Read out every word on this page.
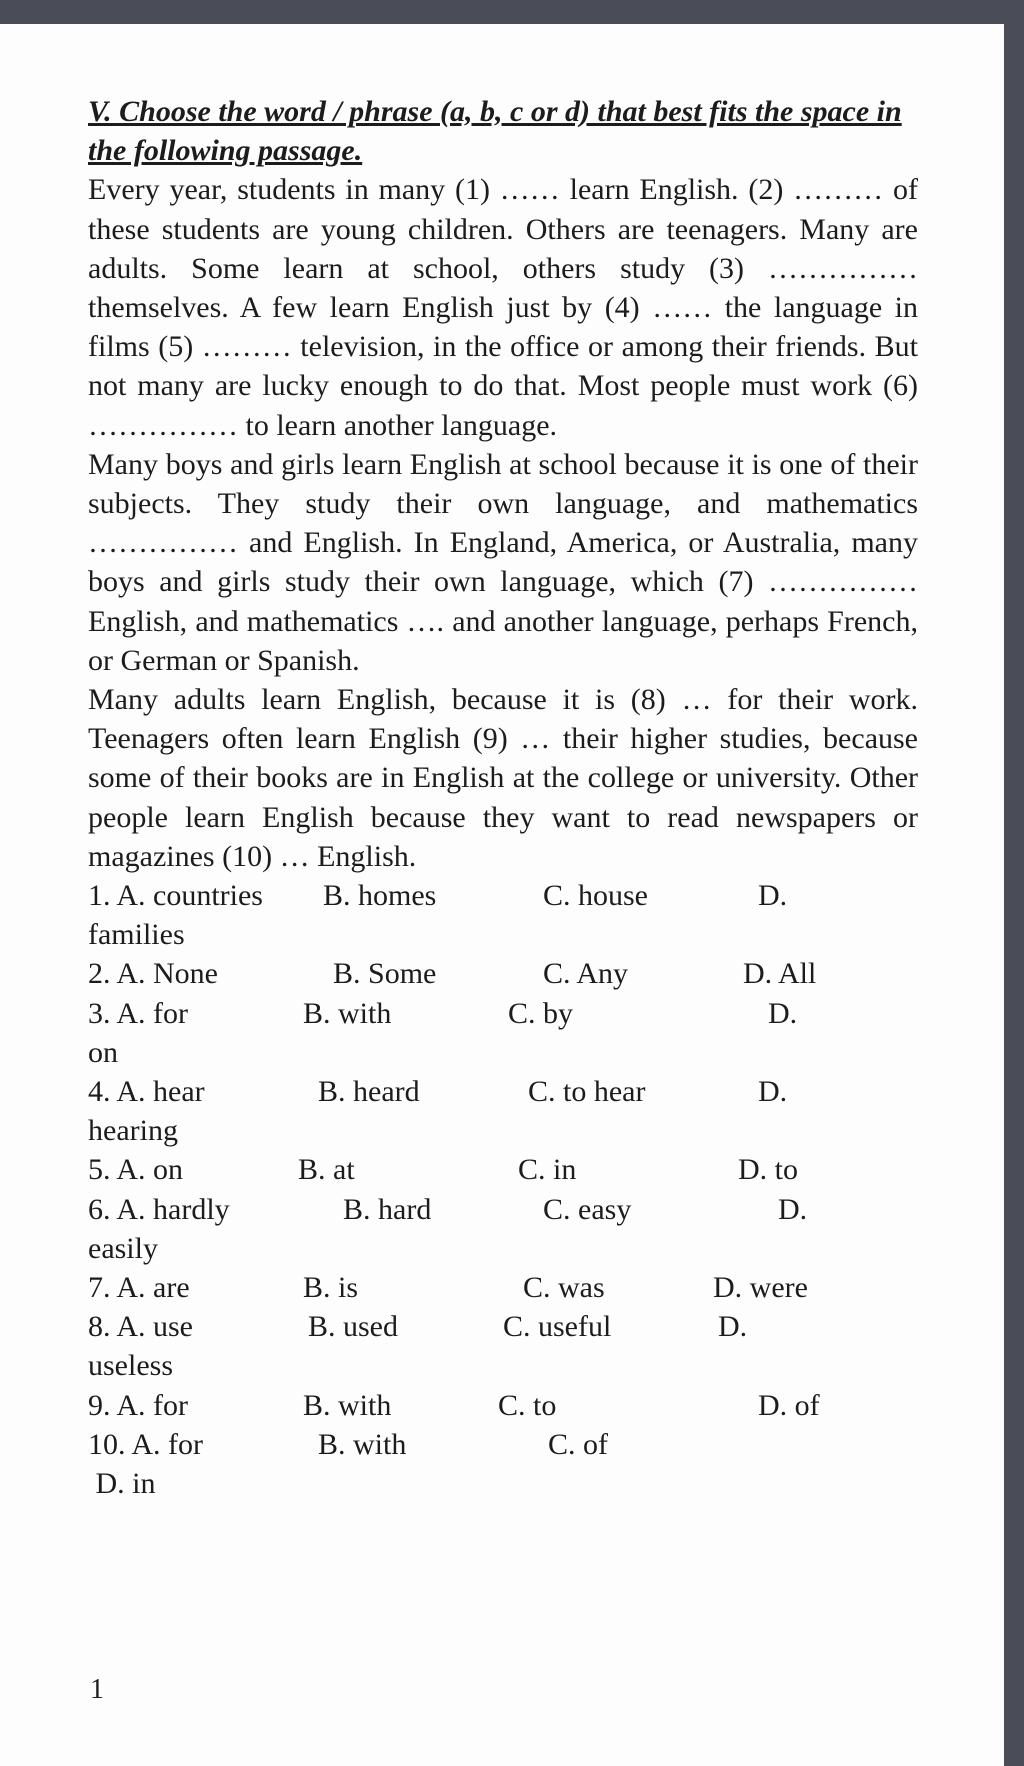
V. Choose the word / phrase (a, b, c or d) that best fits the space in the following passage.

Every year, students in many (1) …… learn English. (2) ……… of these students are young children. Others are teenagers. Many are adults. Some learn at school, others study (3) …………… themselves. A few learn English just by (4) …… the language in films (5) ……… television, in the office or among their friends. But not many are lucky enough to do that. Most people must work (6) …………… to learn another language.

Many boys and girls learn English at school because it is one of their subjects. They study their own language, and mathematics …………… and English. In England, America, or Australia, many boys and girls study their own language, which (7) …………… English, and mathematics …. and another language, perhaps French, or German or Spanish.

Many adults learn English, because it is (8) … for their work. Teenagers often learn English (9) … their higher studies, because some of their books are in English at the college or university. Other people learn English because they want to read newspapers or magazines (10) … English.

1. A. countries B. homes	C. house	D.
families
2. A. None	B. Some	C. Any	D. All
3. A. for	B. with	C. by	D.
on
4. A. hear	B. heard	C. to hear	D.
hearing
5. A. on	B. at	C. in	D. to
6. A. hardly	B. hard	C. easy	D.
easily
7. A. are	B. is	C. was	D. were
8. A. use	B. used	C. useful	D.
useless
9. A. for	B. with	C. to	D. of
10. A. for	B. with	C. of
D. in
1
